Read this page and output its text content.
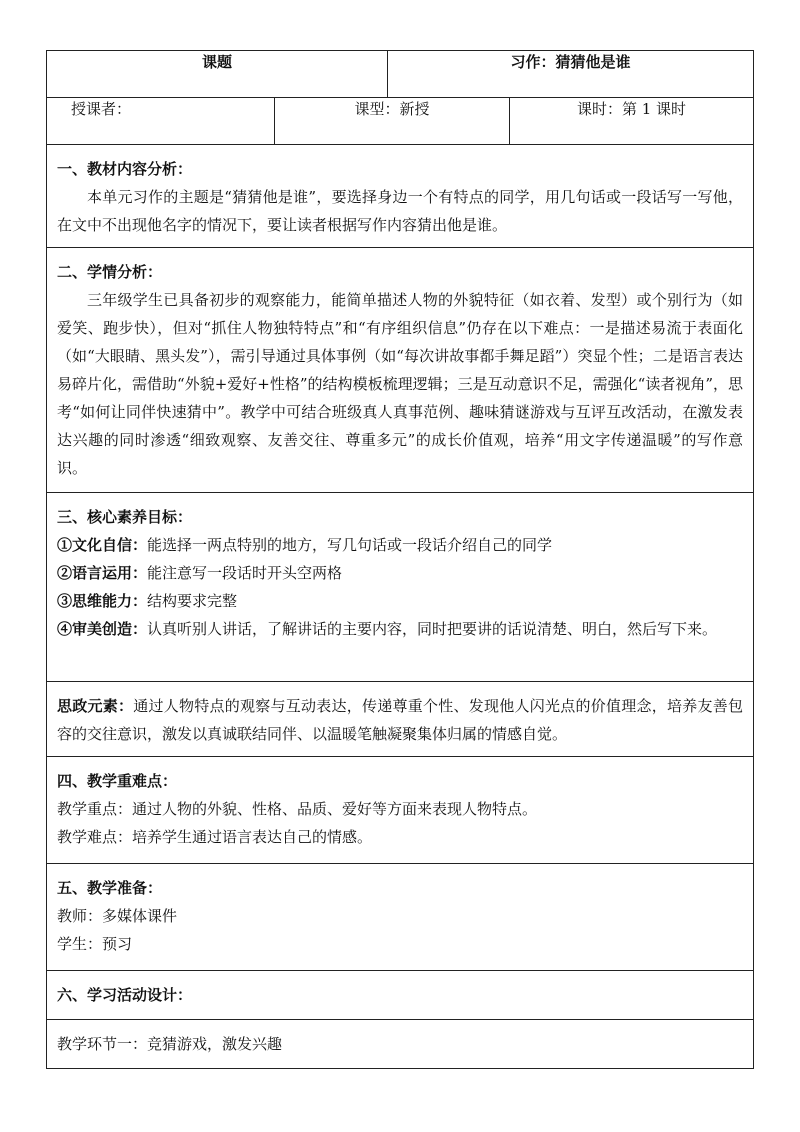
课题		习作：猜猜他是谁	
授课者：	课型：新授		课时：第 1 课时

一、教材内容分析：

本单元习作的主题是“猜猜他是谁”，要选择身边一个有特点的同学，用几句话或一段话写一写他，在文中不出现他名字的情况下，要让读者根据写作内容猜出他是谁。			

二、学情分析：

三年级学生已具备初步的观察能力，能简单描述人物的外貌特征（如衣着、发型）或个别行为（如爱笑、跑步快），但对“抓住人物独特特点”和“有序组织信息”仍存在以下难点：一是描述易流于表面化（如“大眼睛、黑头发”），需引导通过具体事例（如“每次讲故事都手舞足蹈”）突显个性；二是语言表达易碎片化，需借助“外貌+爱好+性格”的结构模板梳理逻辑；三是互动意识不足，需强化“读者视角”，思考“如何让同伴快速猜中”。教学中可结合班级真人真事范例、趣味猜谜游戏与互评互改活动，在激发表达兴趣的同时渗透“细致观察、友善交往、尊重多元”的成长价值观，培养“用文字传递温暖”的写作意识。			

三、核心素养目标：

①文化自信：能选择一两点特别的地方，写几句话或一段话介绍自己的同学

②语言运用：能注意写一段话时开头空两格

③思维能力：结构要求完整

④审美创造：认真听别人讲话，了解讲话的主要内容，同时把要讲的话说清楚、明白，然后写下来。			

思政元素：通过人物特点的观察与互动表达，传递尊重个性、发现他人闪光点的价值理念，培养友善包容的交往意识，激发以真诚联结同伴、以温暖笔触凝聚集体归属的情感自觉。			

四、教学重难点：

教学重点：通过人物的外貌、性格、品质、爱好等方面来表现人物特点。

教学难点：培养学生通过语言表达自己的情感。			

五、教学准备：

教师：多媒体课件

学生：预习			

六、学习活动设计：			

教学环节一：竞猜游戏，激发兴趣			
